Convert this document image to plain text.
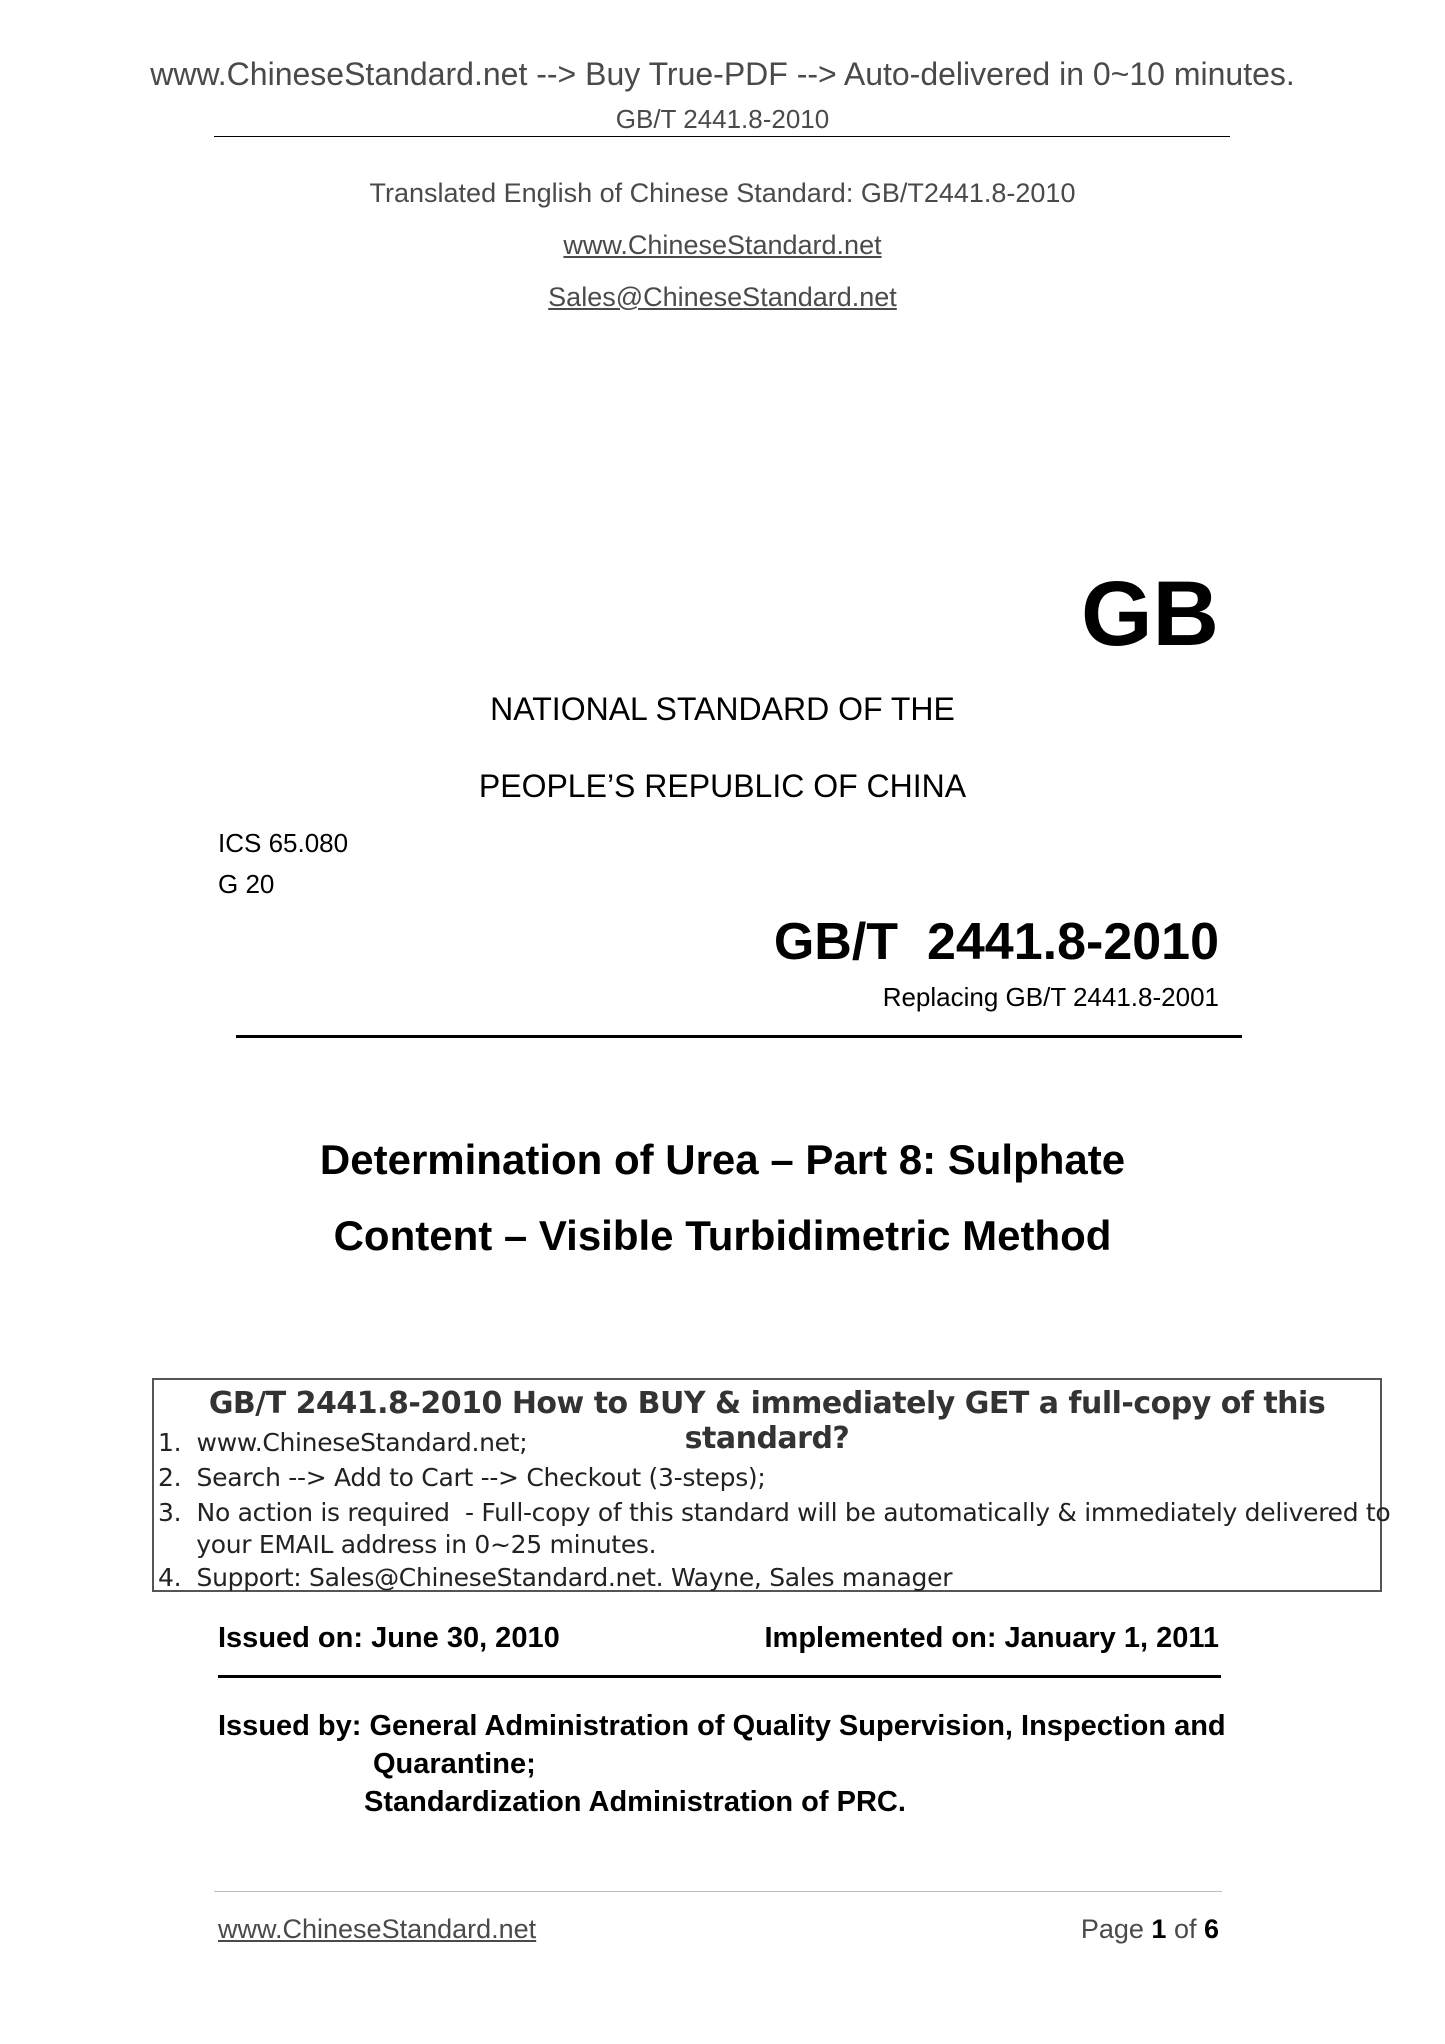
www.ChineseStandard.net --> Buy True-PDF --> Auto-delivered in 0~10 minutes.
GB/T 2441.8-2010
Translated English of Chinese Standard: GB/T2441.8-2010
www.ChineseStandard.net
Sales@ChineseStandard.net
GB
NATIONAL STANDARD OF THE
PEOPLE’S REPUBLIC OF CHINA
ICS 65.080
G 20
GB/T  2441.8-2010
Replacing GB/T 2441.8-2001
Determination of Urea – Part 8: Sulphate
Content – Visible Turbidimetric Method
GB/T 2441.8-2010 How to BUY & immediately GET a full-copy of this standard?
1.  www.ChineseStandard.net;
2.  Search --> Add to Cart --> Checkout (3-steps);
3.  No action is required  - Full-copy of this standard will be automatically & immediately delivered to
your EMAIL address in 0~25 minutes.
4.  Support: Sales@ChineseStandard.net. Wayne, Sales manager
Issued on: June 30, 2010	Implemented on: January 1, 2011
Issued by: General Administration of Quality Supervision, Inspection and
Quarantine;
Standardization Administration of PRC.
www.ChineseStandard.net	Page 1 of 6
